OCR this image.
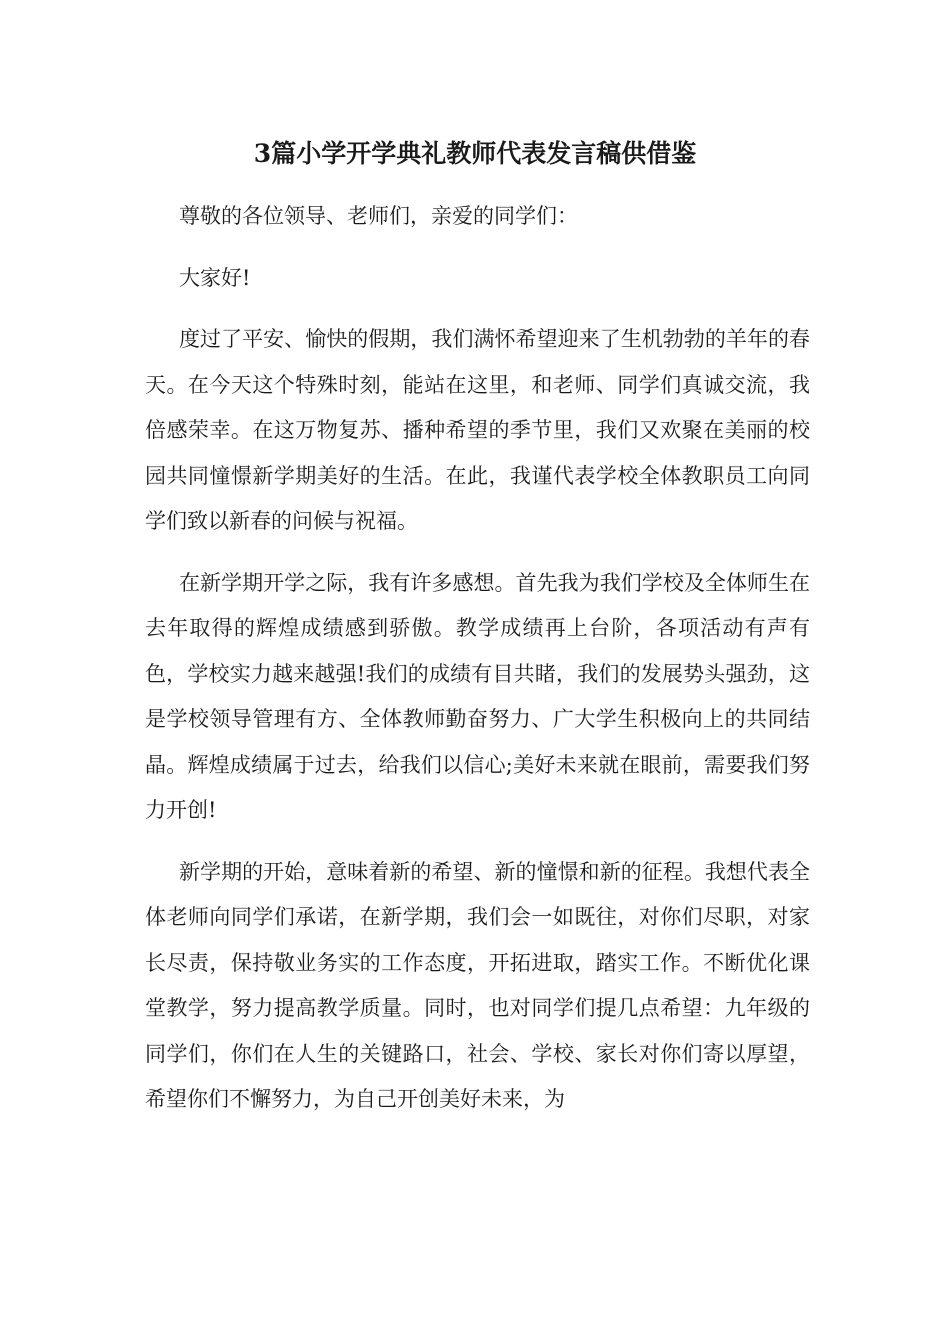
3篇小学开学典礼教师代表发言稿供借鉴

尊敬的各位领导、老师们，亲爱的同学们：

大家好!

度过了平安、愉快的假期，我们满怀希望迎来了生机勃勃的羊年的春天。在今天这个特殊时刻，能站在这里，和老师、同学们真诚交流，我倍感荣幸。在这万物复苏、播种希望的季节里，我们又欢聚在美丽的校园共同憧憬新学期美好的生活。在此，我谨代表学校全体教职员工向同学们致以新春的问候与祝福。

在新学期开学之际，我有许多感想。首先我为我们学校及全体师生在去年取得的辉煌成绩感到骄傲。教学成绩再上台阶，各项活动有声有色，学校实力越来越强!我们的成绩有目共睹，我们的发展势头强劲，这是学校领导管理有方、全体教师勤奋努力、广大学生积极向上的共同结晶。辉煌成绩属于过去，给我们以信心;美好未来就在眼前，需要我们努力开创!

新学期的开始，意味着新的希望、新的憧憬和新的征程。我想代表全体老师向同学们承诺，在新学期，我们会一如既往，对你们尽职，对家长尽责，保持敬业务实的工作态度，开拓进取，踏实工作。不断优化课堂教学，努力提高教学质量。同时，也对同学们提几点希望：九年级的同学们，你们在人生的关键路口，社会、学校、家长对你们寄以厚望，希望你们不懈努力，为自己开创美好未来，为
